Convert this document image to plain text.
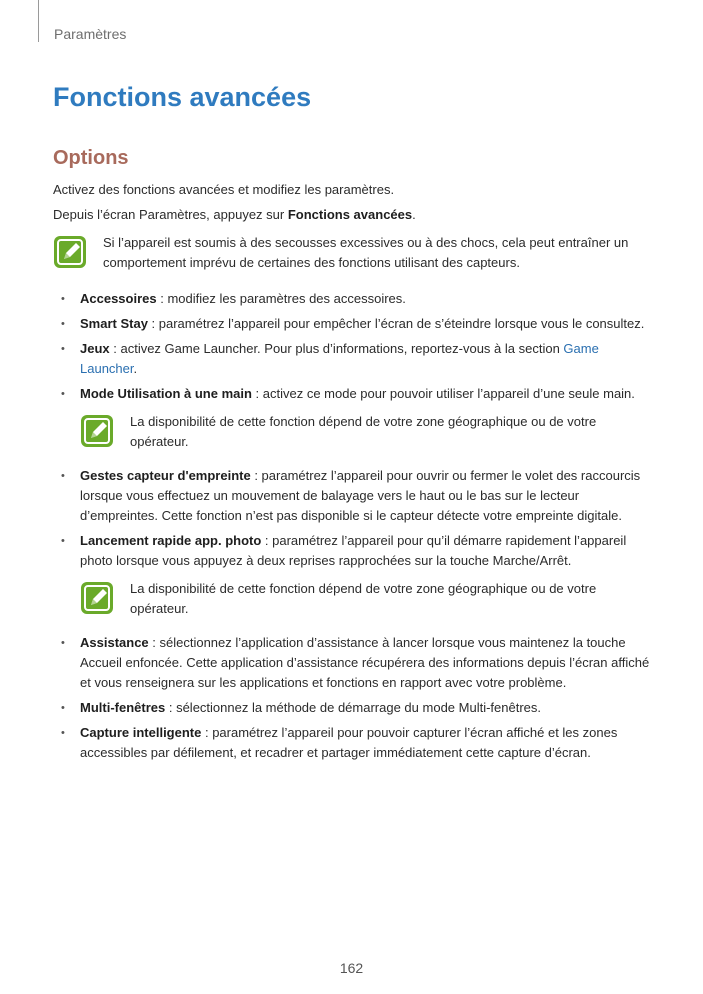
Paramètres
Fonctions avancées
Options

Activez des fonctions avancées et modifiez les paramètres.

Depuis l’écran Paramètres, appuyez sur Fonctions avancées.

Si l’appareil est soumis à des secousses excessives ou à des chocs, cela peut entraîner un comportement imprévu de certaines des fonctions utilisant des capteurs.

• Accessoires : modifiez les paramètres des accessoires.
• Smart Stay : paramétrez l’appareil pour empêcher l’écran de s’éteindre lorsque vous le consultez.
• Jeux : activez Game Launcher. Pour plus d’informations, reportez-vous à la section Game Launcher.
• Mode Utilisation à une main : activez ce mode pour pouvoir utiliser l’appareil d’une seule main.

La disponibilité de cette fonction dépend de votre zone géographique ou de votre opérateur.

• Gestes capteur d'empreinte : paramétrez l’appareil pour ouvrir ou fermer le volet des raccourcis lorsque vous effectuez un mouvement de balayage vers le haut ou le bas sur le lecteur d’empreintes. Cette fonction n’est pas disponible si le capteur détecte votre empreinte digitale.
• Lancement rapide app. photo : paramétrez l’appareil pour qu’il démarre rapidement l’appareil photo lorsque vous appuyez à deux reprises rapprochées sur la touche Marche/Arrêt.

La disponibilité de cette fonction dépend de votre zone géographique ou de votre opérateur.

• Assistance : sélectionnez l’application d’assistance à lancer lorsque vous maintenez la touche Accueil enfoncée. Cette application d’assistance récupérera des informations depuis l’écran affiché et vous renseignera sur les applications et fonctions en rapport avec votre problème.
• Multi-fenêtres : sélectionnez la méthode de démarrage du mode Multi-fenêtres.
• Capture intelligente : paramétrez l’appareil pour pouvoir capturer l’écran affiché et les zones accessibles par défilement, et recadrer et partager immédiatement cette capture d’écran.
162
